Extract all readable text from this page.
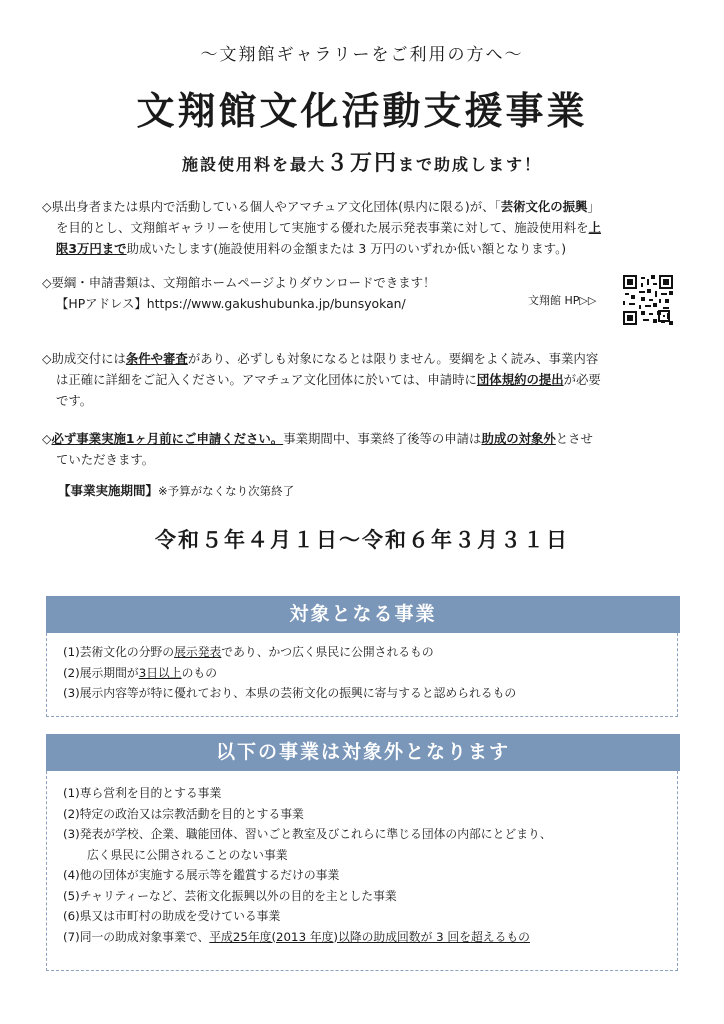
～文翔館ギャラリーをご利用の方へ～
文翔館文化活動支援事業
施設使用料を最大３万円まで助成します！
◇県出身者または県内で活動している個人やアマチュア文化団体(県内に限る)が、「芸術文化の振興」
を目的とし、文翔館ギャラリーを使用して実施する優れた展示発表事業に対して、施設使用料を上
限3万円まで助成いたします(施設使用料の金額または 3 万円のいずれか低い額となります。)
◇要綱・申請書類は、文翔館ホームページよりダウンロードできます！
【HPアドレス】https://www.gakushubunka.jp/bunsyokan/	文翔館 HP▷▷
◇助成交付には条件や審査があり、必ずしも対象になるとは限りません。要綱をよく読み、事業内容
は正確に詳細をご記入ください。アマチュア文化団体に於いては、申請時に団体規約の提出が必要
です。
◇必ず事業実施1ヶ月前にご申請ください。事業期間中、事業終了後等の申請は助成の対象外とさせ
ていただきます。
【事業実施期間】※予算がなくなり次第終了
令和５年４月１日～令和６年３月３１日
対象となる事業
(1)芸術文化の分野の展示発表であり、かつ広く県民に公開されるもの
(2)展示期間が3日以上のもの
(3)展示内容等が特に優れており、本県の芸術文化の振興に寄与すると認められるもの
以下の事業は対象外となります
(1)専ら営利を目的とする事業
(2)特定の政治又は宗教活動を目的とする事業
(3)発表が学校、企業、職能団体、習いごと教室及びこれらに準じる団体の内部にとどまり、
広く県民に公開されることのない事業
(4)他の団体が実施する展示等を鑑賞するだけの事業
(5)チャリティーなど、芸術文化振興以外の目的を主とした事業
(6)県又は市町村の助成を受けている事業
(7)同一の助成対象事業で、平成25年度(2013 年度)以降の助成回数が 3 回を超えるもの
